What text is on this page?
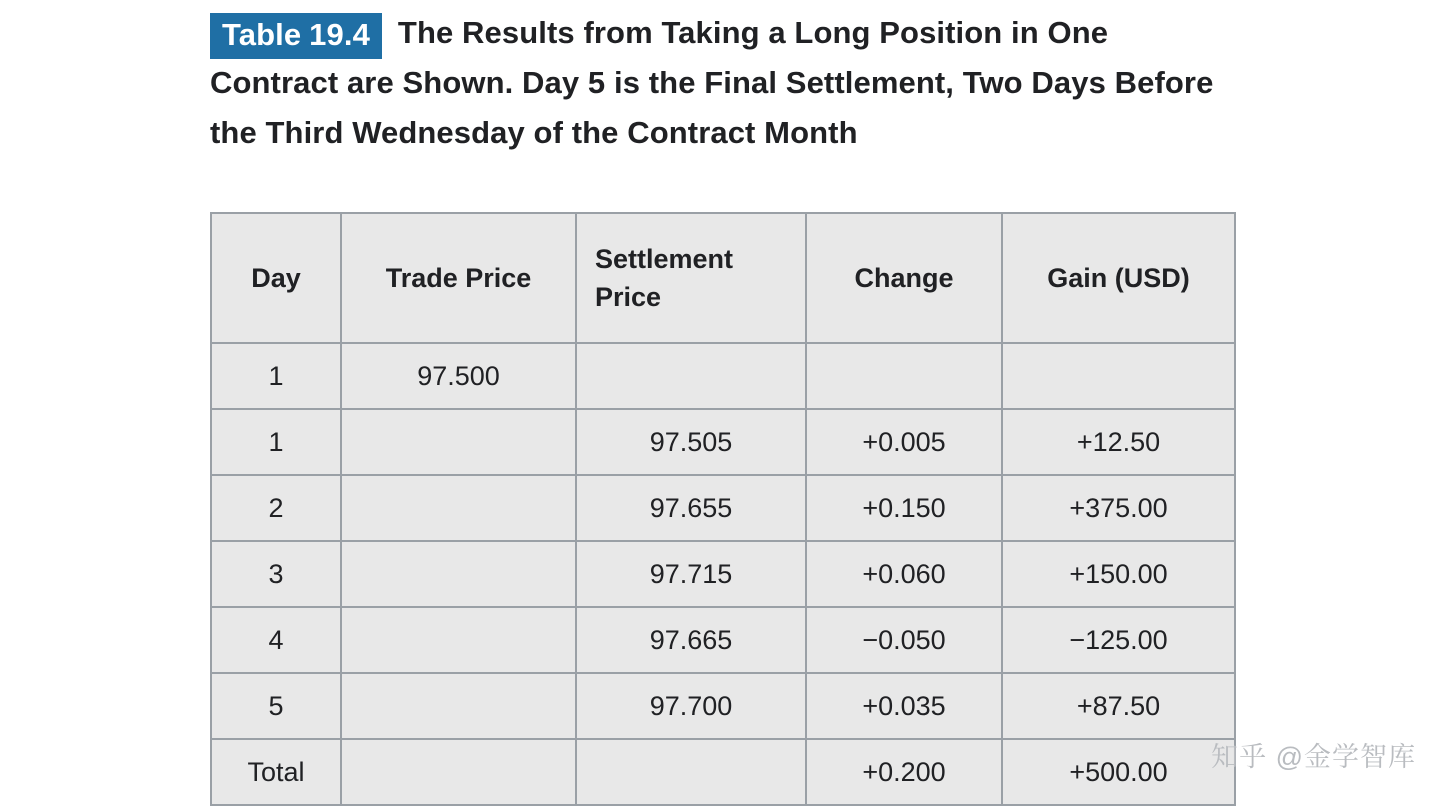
Table 19.4 The Results from Taking a Long Position in One Contract are Shown. Day 5 is the Final Settlement, Two Days Before the Third Wednesday of the Contract Month
Day	Trade Price	Settlement Price	Change	Gain (USD)
1	97.500			
1		97.505	+0.005	+12.50
2		97.655	+0.150	+375.00
3		97.715	+0.060	+150.00
4		97.665	−0.050	−125.00
5		97.700	+0.035	+87.50
Total			+0.200	+500.00 知乎 @金学智库
